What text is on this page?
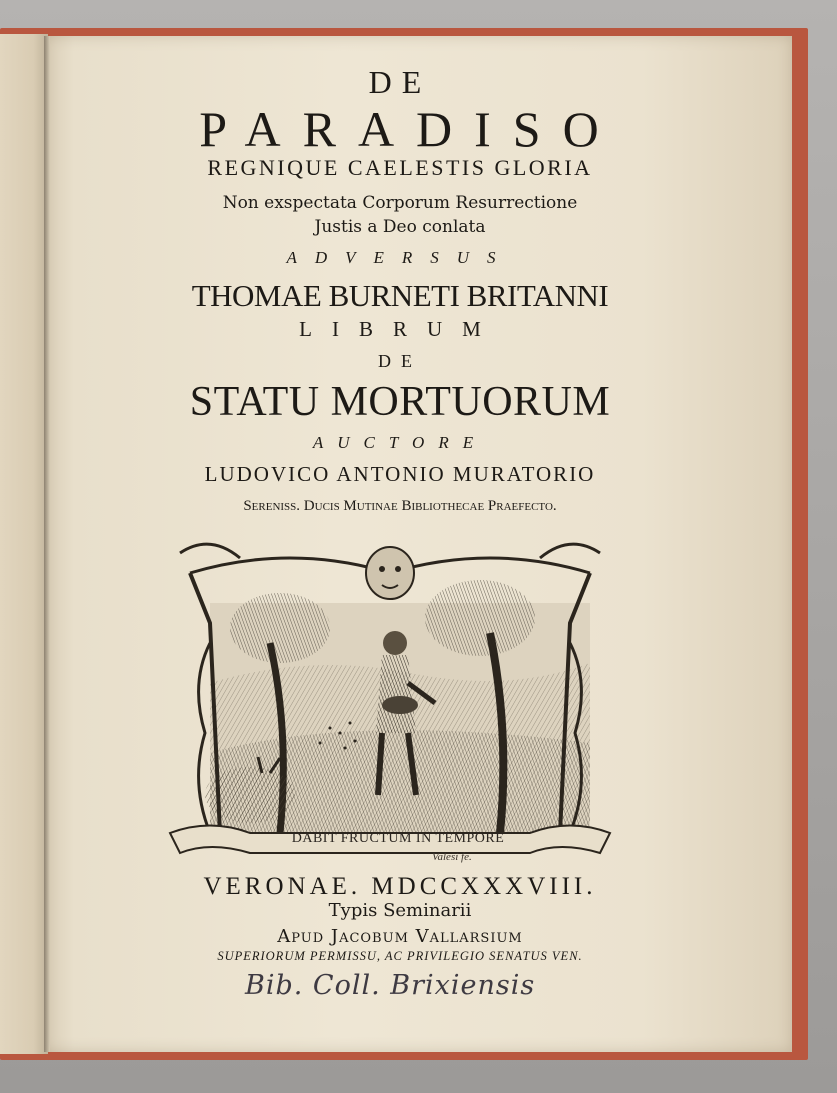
DE

PARADISO

REGNIQUE CAELESTIS GLORIA

Non exspectata Corporum Resurrectione

Justis a Deo conlata

ADVERSUS

THOMAE BURNETI BRITANNI

LIBRUM

DE

STATU MORTUORUM

AUCTORE

LUDOVICO ANTONIO MURATORIO

Sereniss. Ducis Mutinae Bibliothecae Praefecto.

DABIT FRUCTUM IN TEMPORE
Valesi fe.

VERONAE. MDCCXXXVIII.

Typis Seminarii

Apud Jacobum Vallarsium

SUPERIORUM PERMISSU, AC PRIVILEGIO SENATUS VEN.

Bib. Coll. Brixiensis
